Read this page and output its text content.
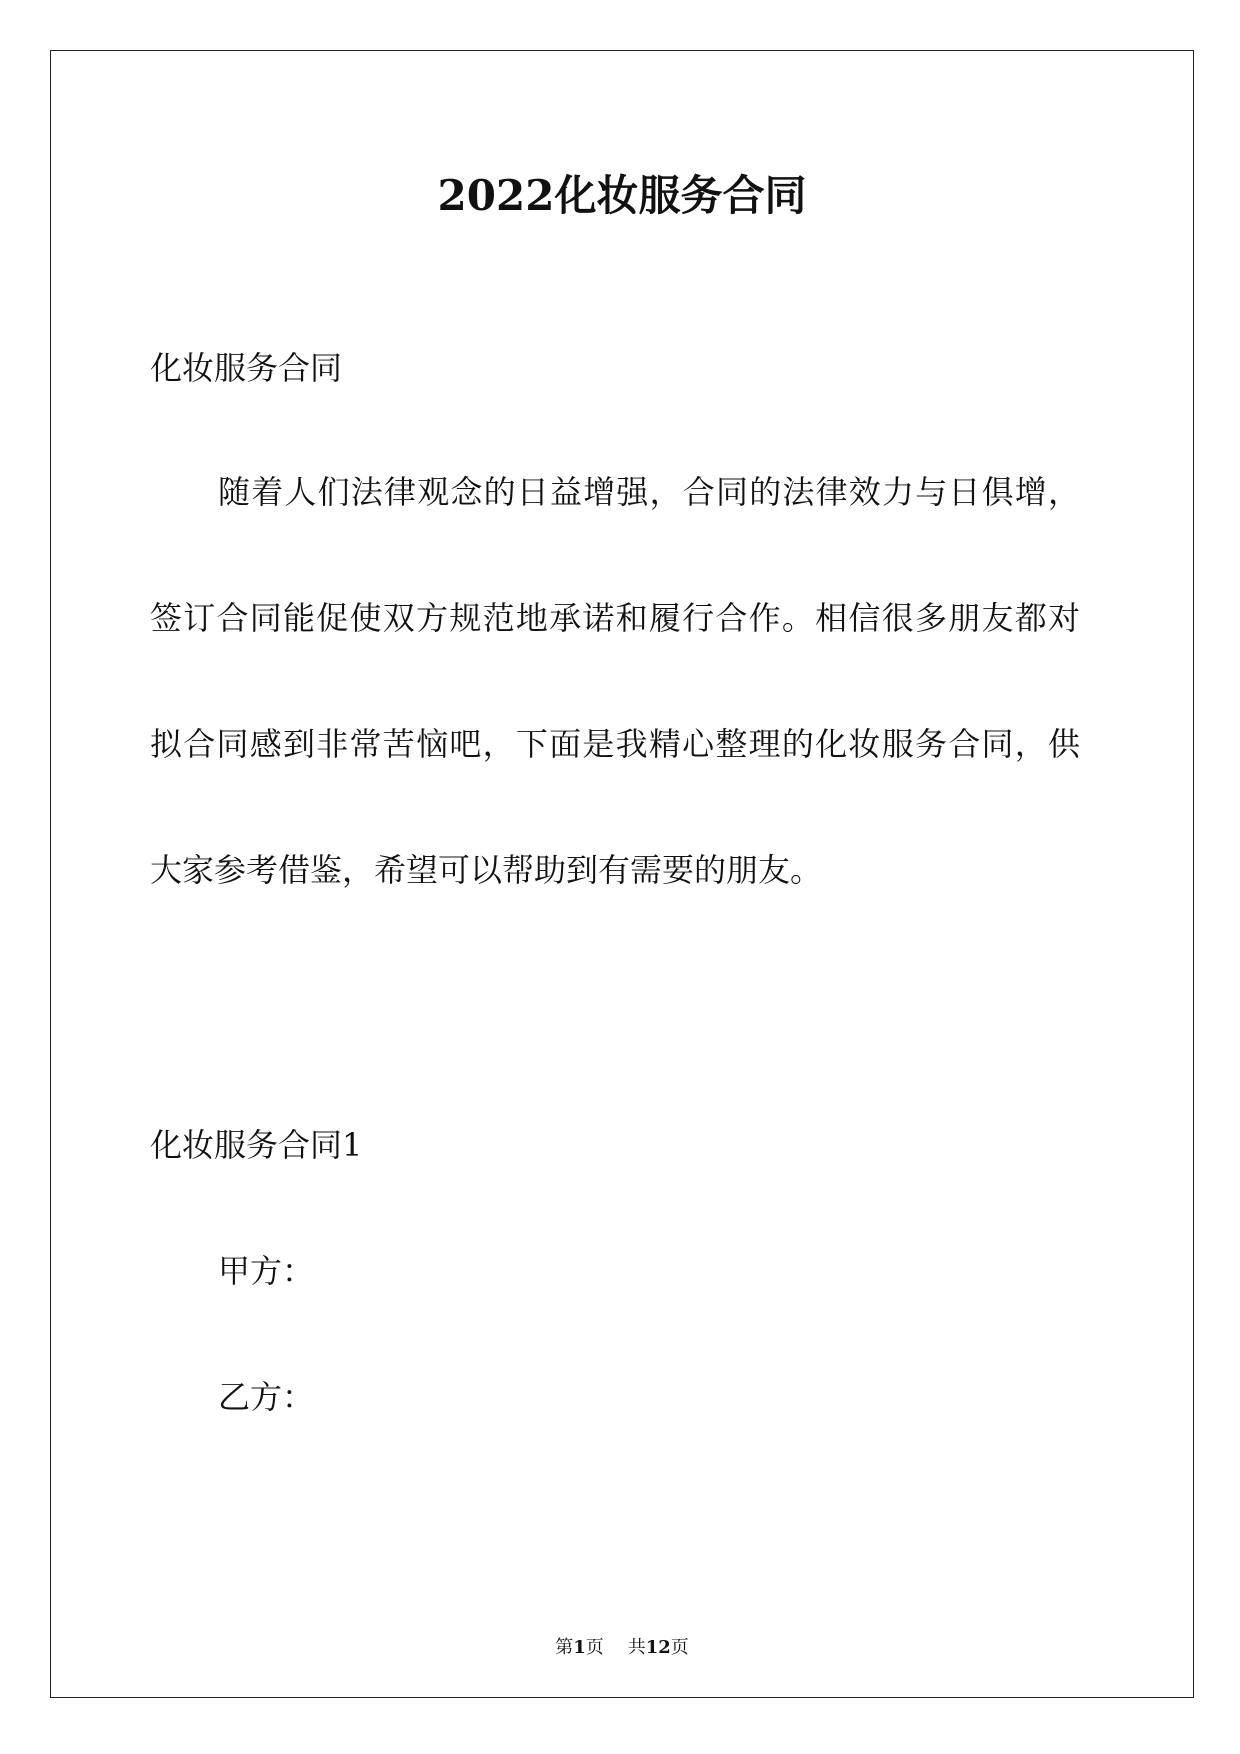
2022化妆服务合同

化妆服务合同

随着人们法律观念的日益增强，合同的法律效力与日俱增，

签订合同能促使双方规范地承诺和履行合作。相信很多朋友都对

拟合同感到非常苦恼吧，下面是我精心整理的化妆服务合同，供

大家参考借鉴，希望可以帮助到有需要的朋友。

化妆服务合同1

甲方：

乙方：

第1页 共12页
